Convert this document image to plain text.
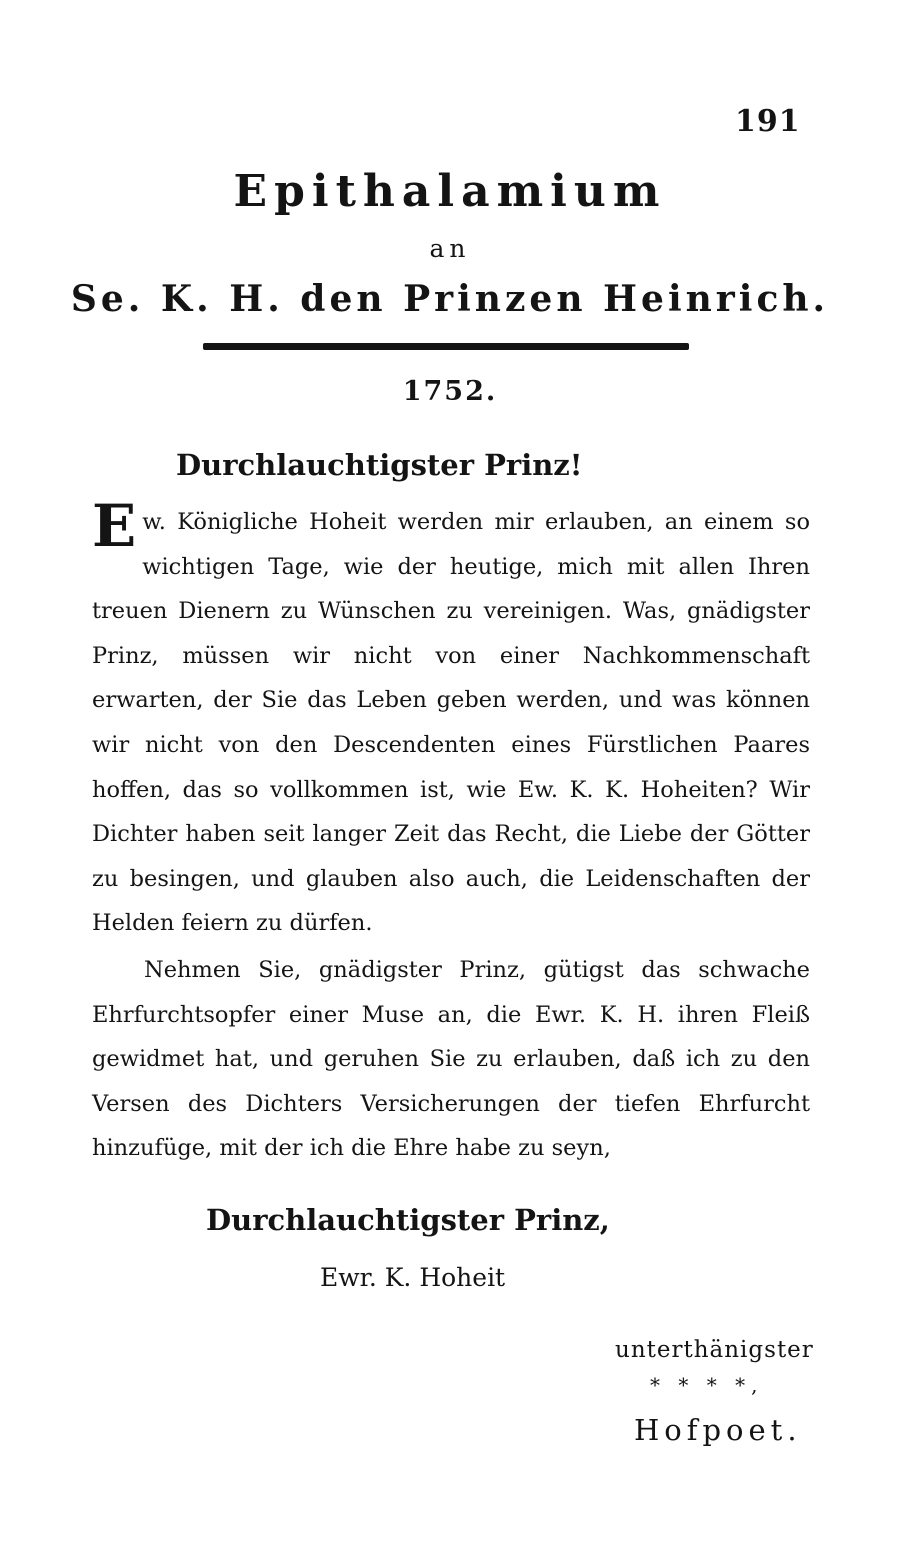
191
Epithalamium
an
Se. K. H. den Prinzen Heinrich.
1752.
Durchlauchtigster Prinz!
Ew. Königliche Hoheit werden mir erlauben, an einem so wichtigen Tage, wie der heutige, mich mit allen Ihren treuen Dienern zu Wünschen zu vereinigen. Was, gnädigster Prinz, müssen wir nicht von einer Nachkommenschaft erwarten, der Sie das Leben geben werden, und was können wir nicht von den Descendenten eines Fürstlichen Paares hoffen, das so vollkommen ist, wie Ew. K. K. Hoheiten? Wir Dichter haben seit langer Zeit das Recht, die Liebe der Götter zu besingen, und glauben also auch, die Leidenschaften der Helden feiern zu dürfen.
Nehmen Sie, gnädigster Prinz, gütigst das schwache Ehrfurchtsopfer einer Muse an, die Ewr. K. H. ihren Fleiß gewidmet hat, und geruhen Sie zu erlauben, daß ich zu den Versen des Dichters Versicherungen der tiefen Ehrfurcht hinzufüge, mit der ich die Ehre habe zu seyn,
Durchlauchtigster Prinz,
Ewr. K. Hoheit
unterthänigster
* * * *,
Hofpoet.
